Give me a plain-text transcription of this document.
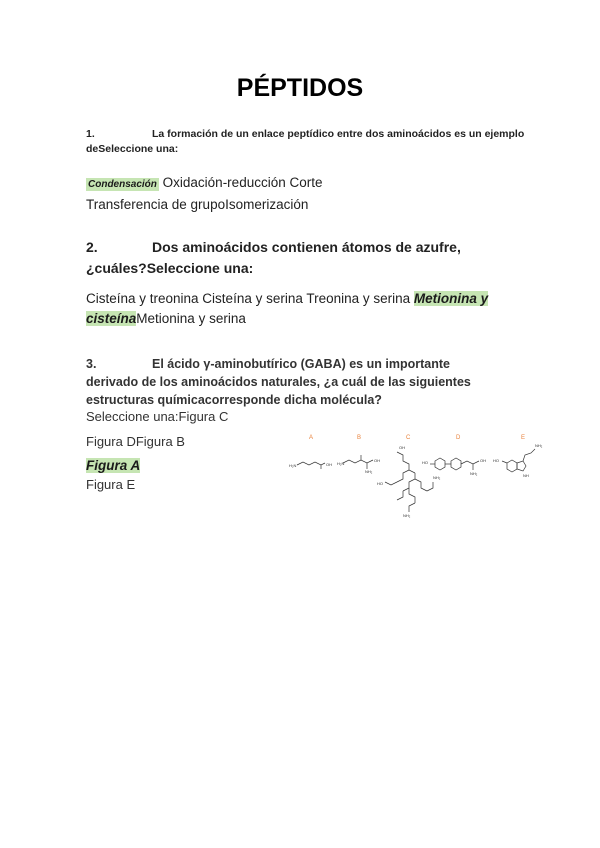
PÉPTIDOS
1.	La formación de un enlace peptídico entre dos aminoácidos es un ejemplo deSeleccione una:
Condensación Oxidación-reducción Corte
Transferencia de grupoIsomerización
2.	Dos aminoácidos contienen átomos de azufre,
¿cuáles?Seleccione una:
Cisteína y treonina Cisteína y serina Treonina y serina Metionina y
cisteínaMetionina y serina
3.	El ácido γ-aminobutírico (GABA) es un importante
derivado de los aminoácidos naturales, ¿a cuál de las siguientes
estructuras químicacorresponde dicha molécula?
Seleccione una:Figura C
Figura DFigura B
Figura A
Figura E
A	B	C	D	E
H₂N	OH H₂N
OH
NH₂
OH
HO
NH₂
NH₂
HO	OH
NH₂
HO
NH₂
NH
